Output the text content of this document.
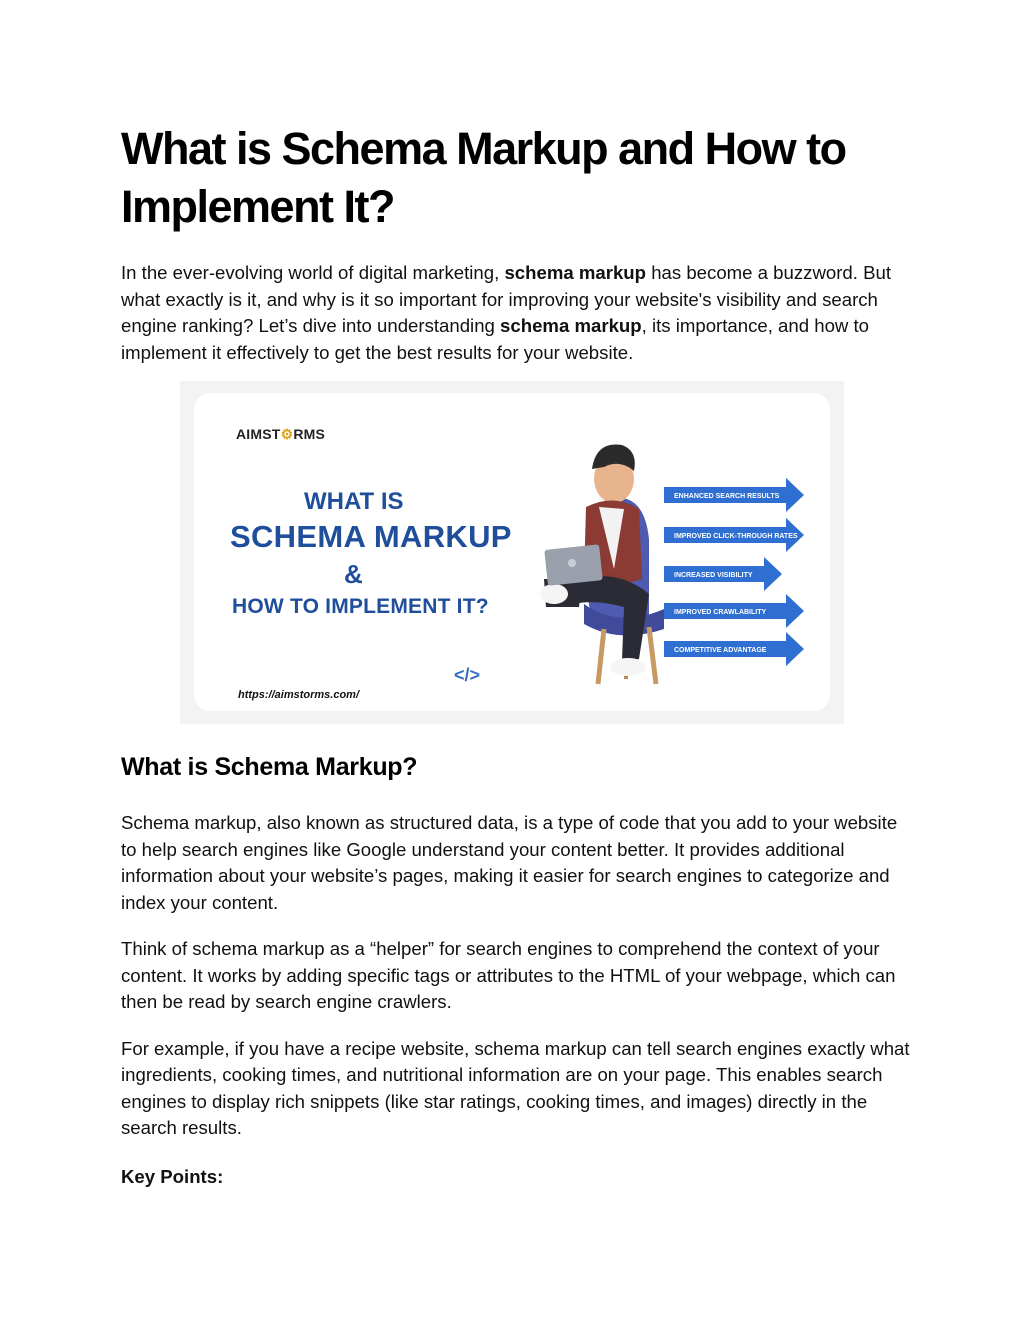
What is Schema Markup and How to Implement It?

In the ever-evolving world of digital marketing, schema markup has become a buzzword. But what exactly is it, and why is it so important for improving your website's visibility and search engine ranking? Let’s dive into understanding schema markup, its importance, and how to implement it effectively to get the best results for your website.

What is Schema Markup?

Schema markup, also known as structured data, is a type of code that you add to your website to help search engines like Google understand your content better. It provides additional information about your website’s pages, making it easier for search engines to categorize and index your content.

Think of schema markup as a “helper” for search engines to comprehend the context of your content. It works by adding specific tags or attributes to the HTML of your webpage, which can then be read by search engine crawlers.

For example, if you have a recipe website, schema markup can tell search engines exactly what ingredients, cooking times, and nutritional information are on your page. This enables search engines to display rich snippets (like star ratings, cooking times, and images) directly in the search results.

Key Points:
AIMST⚙RMS
WHAT IS
SCHEMA MARKUP
&
HOW TO IMPLEMENT IT?
</>
https://aimstorms.com/
ENHANCED SEARCH RESULTS
IMPROVED CLICK-THROUGH RATES
INCREASED VISIBILITY
IMPROVED CRAWLABILITY
COMPETITIVE ADVANTAGE
